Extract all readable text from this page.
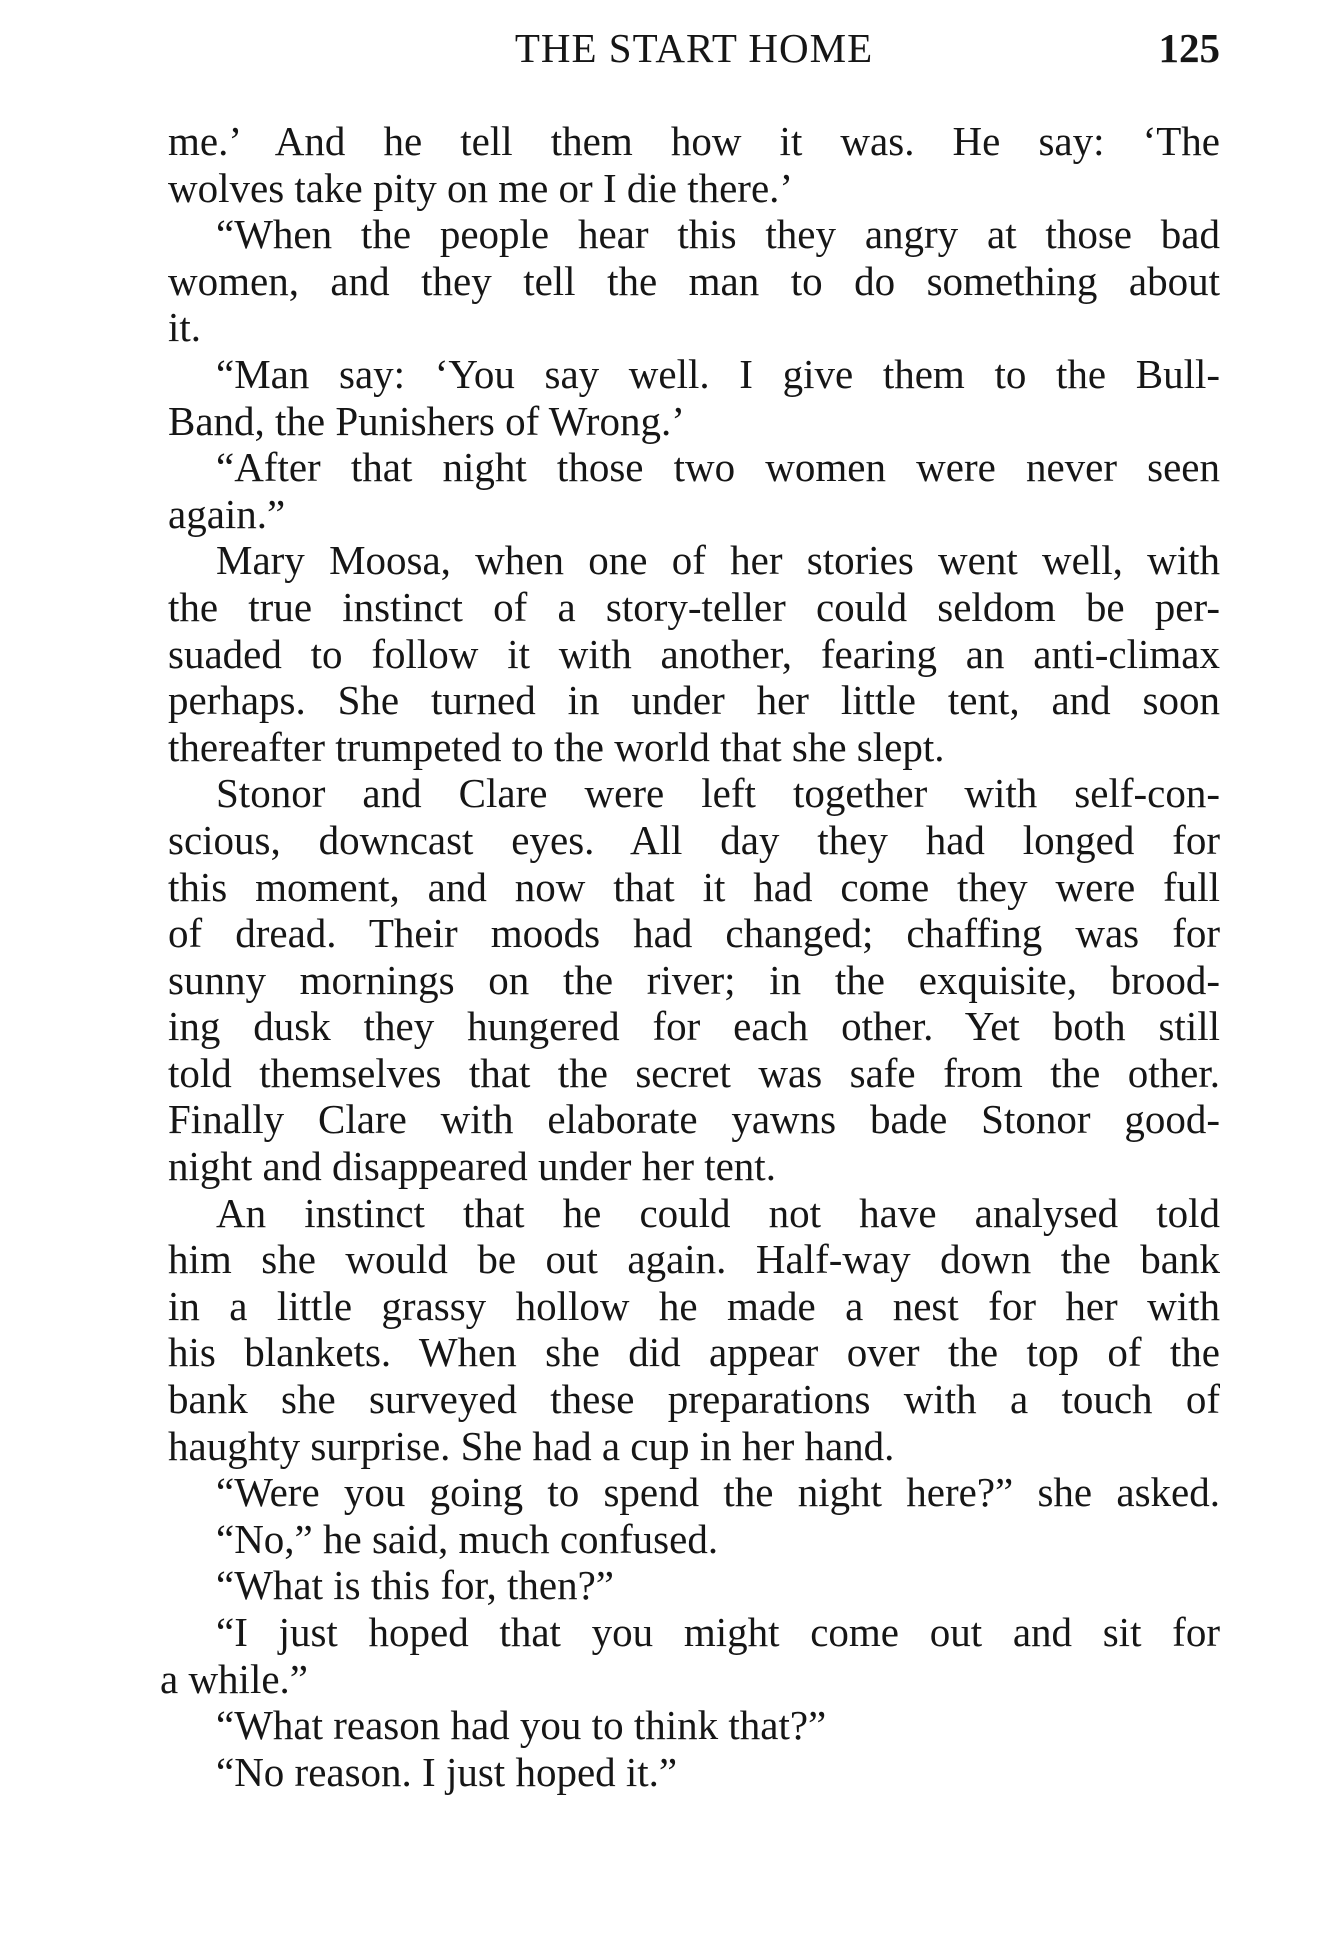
THE START HOME	125
me.’ And he tell them how it was. He say: ‘The
wolves take pity on me or I die there.’
“When the people hear this they angry at those bad
women, and they tell the man to do something about
it.
“Man say: ‘You say well. I give them to the Bull-
Band, the Punishers of Wrong.’
“After that night those two women were never seen
again.”
Mary Moosa, when one of her stories went well, with
the true instinct of a story-teller could seldom be per-
suaded to follow it with another, fearing an anti-climax
perhaps. She turned in under her little tent, and soon
thereafter trumpeted to the world that she slept.
Stonor and Clare were left together with self-con-
scious, downcast eyes. All day they had longed for
this moment, and now that it had come they were full
of dread. Their moods had changed; chaffing was for
sunny mornings on the river; in the exquisite, brood-
ing dusk they hungered for each other. Yet both still
told themselves that the secret was safe from the other.
Finally Clare with elaborate yawns bade Stonor good-
night and disappeared under her tent.
An instinct that he could not have analysed told
him she would be out again. Half-way down the bank
in a little grassy hollow he made a nest for her with
his blankets. When she did appear over the top of the
bank she surveyed these preparations with a touch of
haughty surprise. She had a cup in her hand.
“Were you going to spend the night here?” she asked.
“No,” he said, much confused.
“What is this for, then?”
“I just hoped that you might come out and sit for
a while.”
“What reason had you to think that?”
“No reason. I just hoped it.”
